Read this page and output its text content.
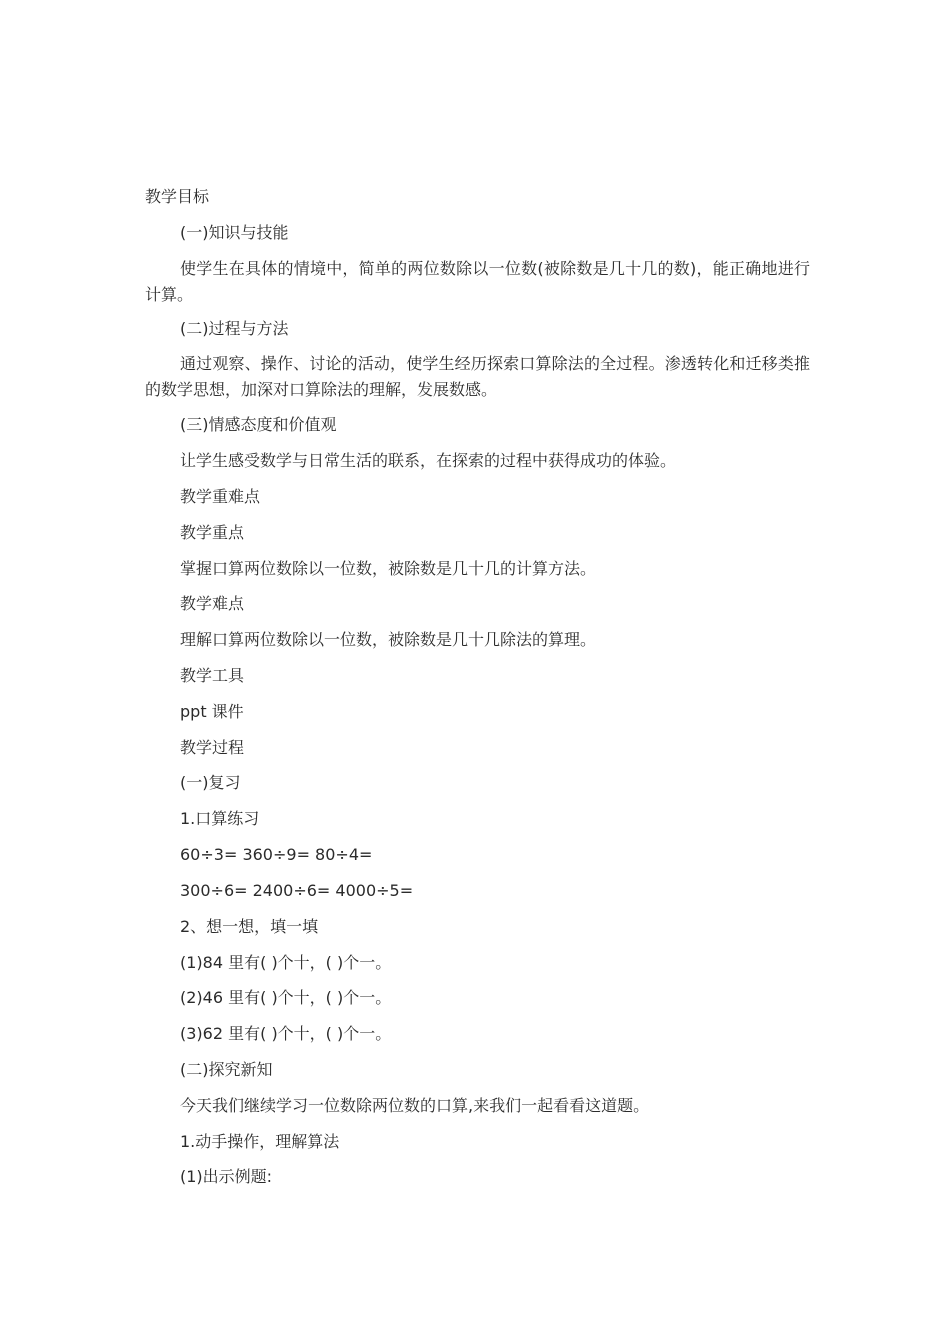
教学目标
(一)知识与技能
使学生在具体的情境中，简单的两位数除以一位数(被除数是几十几的数)，能正确地进行计算。
(二)过程与方法
通过观察、操作、讨论的活动，使学生经历探索口算除法的全过程。渗透转化和迁移类推的数学思想，加深对口算除法的理解，发展数感。
(三)情感态度和价值观
让学生感受数学与日常生活的联系，在探索的过程中获得成功的体验。
教学重难点
教学重点
掌握口算两位数除以一位数，被除数是几十几的计算方法。
教学难点
理解口算两位数除以一位数，被除数是几十几除法的算理。
教学工具
ppt 课件
教学过程
(一)复习
1.口算练习
60÷3= 360÷9= 80÷4=
300÷6= 2400÷6= 4000÷5=
2、想一想，填一填
(1)84 里有( )个十，( )个一。
(2)46 里有( )个十，( )个一。
(3)62 里有( )个十，( )个一。
(二)探究新知
今天我们继续学习一位数除两位数的口算,来我们一起看看这道题。
1.动手操作，理解算法
(1)出示例题:
